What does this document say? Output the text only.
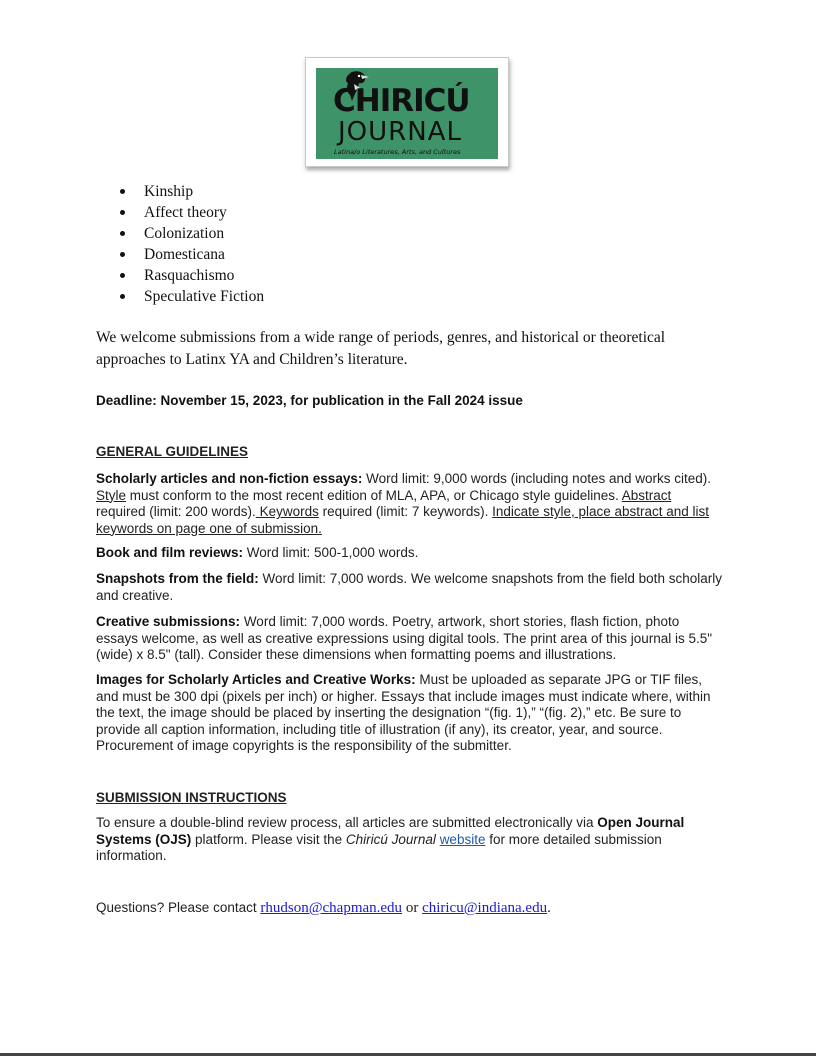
CHIRICÚ
JOURNAL
Latina/o Literatures, Arts, and Cultures
Kinship
Affect theory
Colonization
Domesticana
Rasquachismo
Speculative Fiction

We welcome submissions from a wide range of periods, genres, and historical or theoretical approaches to Latinx YA and Children’s literature.

Deadline: November 15, 2023, for publication in the Fall 2024 issue

GENERAL GUIDELINES

Scholarly articles and non-fiction essays: Word limit: 9,000 words (including notes and works cited). Style must conform to the most recent edition of MLA, APA, or Chicago style guidelines. Abstract required (limit: 200 words). Keywords required (limit: 7 keywords). Indicate style, place abstract and list keywords on page one of submission.

Book and film reviews: Word limit: 500-1,000 words.

Snapshots from the field: Word limit: 7,000 words. We welcome snapshots from the field both scholarly and creative.

Creative submissions: Word limit: 7,000 words. Poetry, artwork, short stories, flash fiction, photo essays welcome, as well as creative expressions using digital tools. The print area of this journal is 5.5" (wide) x 8.5" (tall). Consider these dimensions when formatting poems and illustrations.

Images for Scholarly Articles and Creative Works: Must be uploaded as separate JPG or TIF files, and must be 300 dpi (pixels per inch) or higher. Essays that include images must indicate where, within the text, the image should be placed by inserting the designation “(fig. 1),” “(fig. 2),” etc. Be sure to provide all caption information, including title of illustration (if any), its creator, year, and source. Procurement of image copyrights is the responsibility of the submitter.

SUBMISSION INSTRUCTIONS

To ensure a double-blind review process, all articles are submitted electronically via Open Journal Systems (OJS) platform. Please visit the Chiricú Journal website for more detailed submission information.

Questions? Please contact rhudson@chapman.edu or chiricu@indiana.edu.
